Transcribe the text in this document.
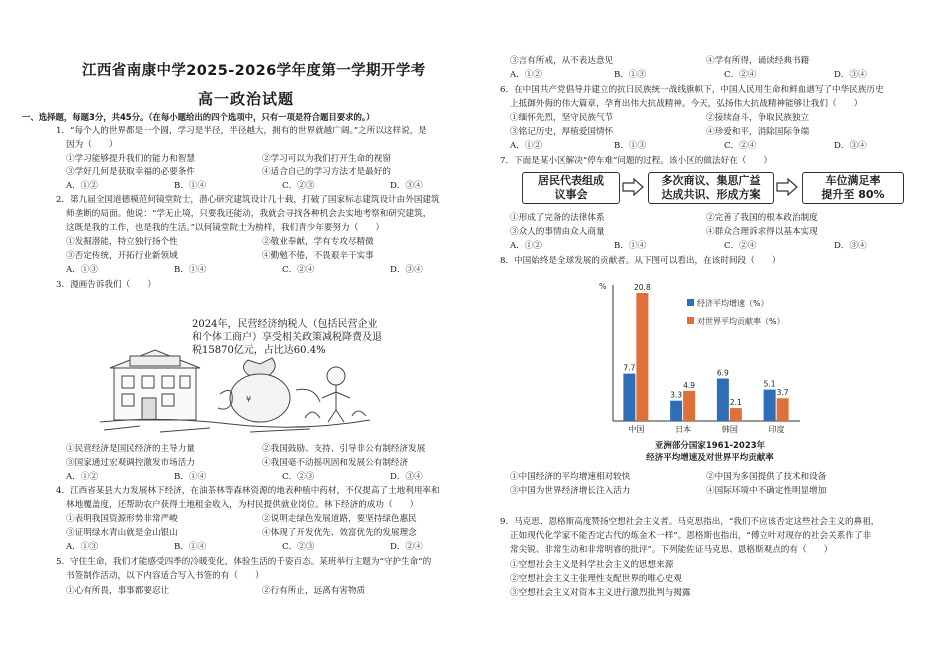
江西省南康中学2025-2026学年度第一学期开学考
高一政治试题
一、选择题，每题3分，共45分。（在每小题给出的四个选项中，只有一项是符合题目要求的。）
1．“每个人的世界都是一个圆，学习是半径，半径越大，拥有的世界就越广阔。”之所以这样说，是
因为（　　）
①学习能够提升我们的能力和智慧	②学习可以为我们打开生命的视窗
③学好几何是获取幸福的必要条件	④适合自己的学习方法才是最好的
A．①②	B．①④	C．②③	D．③④
2．第九届全国道德模范何镜堂院士，潜心研究建筑设计几十载，打破了国家标志建筑设计由外国建筑
师垄断的局面。他说：“学无止境，只要我还能动，我就会寻找各种机会去实地考察和研究建筑，
这既是我的工作，也是我的生活。”以何镜堂院士为榜样，我们青少年要努力（　　）
①发掘潜能，特立独行扬个性	②敬业奉献，学有专攻尽精微
③否定传统，开拓行业新领域	④勤勉不倦，不畏艰辛干实事
A．①③	B．①④	C．②④	D．③④
3．漫画告诉我们（　　）
¥
2024年，民营经济纳税人（包括民营企业
和个体工商户）享受相关政策减税降费及退
税15870亿元，占比达60.4%
①民营经济是国民经济的主导力量	②我国鼓励、支持、引导非公有制经济发展
③国家通过宏观调控激发市场活力	④我国毫不动摇巩固和发展公有制经济
A．①②	B．①④	C．②③	D．③④
4．江西省某县大力发展林下经济，在油茶林等森林资源的地表种植中药材，不仅提高了土地利用率和
林地覆盖度，还帮助农户获得土地租金收入，为村民提供就业岗位。林下经济的成功（　　）
①表明我国资源形势非常严峻	②说明走绿色发展道路，要坚持绿色惠民
③证明绿水青山就是金山银山	④体现了开发优先、效富优先的发展理念
A．①③	B．①④	C．②③	D．②④
5．守住生命，我们才能感受四季的冷暖变化，体验生活的千姿百态。某班举行主题为“守护生命”的
书签制作活动，以下内容适合写入书签的有（　　）
①心有所畏，事事都要忍让	②行有所止，远离有害物质
③言有所戒，从不表达意见	④学有所得，诵读经典书籍
A．①②	B．①③	C．②④	D．③④
6．在中国共产党倡导并建立的抗日民族统一战线旗帜下，中国人民用生命和鲜血谱写了中华民族历史
上抵御外侮的伟大篇章，孕育出伟大抗战精神。今天，弘扬伟大抗战精神能够让我们（　　）
①缅怀先烈，坚守民族气节	②接续奋斗，争取民族独立
③铭记历史，厚植爱国情怀	④珍爱和平，消除国际争端
A．①②	B．①③	C．②④	D．③④
7．下面是某小区解决“停车难”问题的过程。该小区的做法好在（　　）
居民代表组成
议事会
多次商议、集思广益
达成共识、形成方案
车位满足率
提升至 80%
①形成了完备的法律体系	②完善了我国的根本政治制度
③众人的事情由众人商量	④群众合理诉求得以基本实现
A．①②	B．①④	C．②④	D．③④
8．中国始终是全球发展的贡献者。从下图可以看出，在该时间段（　　）
%
7.7
20.8
中国
3.3
4.9
日本
6.9
2.1
韩国
5.1
3.7
印度
经济平均增速（%）
对世界平均贡献率（%）
亚洲部分国家1961-2023年
经济平均增速及对世界平均贡献率
①中国经济的平均增速相对较快	②中国为多国提供了技术和设备
③中国为世界经济增长注入活力	④国际环境中不确定性明显增加
9．马克思、恩格斯高度赞扬空想社会主义者。马克思指出，“我们不应该否定这些社会主义的鼻祖，
正如现代化学家不能否定古代的炼金术一样”。恩格斯也指出，“傅立叶对现存的社会关系作了非
常尖锐、非常生动和非常明睿的批评”。下列能佐证马克思、恩格斯观点的有（　　）
①空想社会主义是科学社会主义的思想来源
②空想社会主义主张理性支配世界的唯心史观
③空想社会主义对资本主义进行激烈批判与揭露
